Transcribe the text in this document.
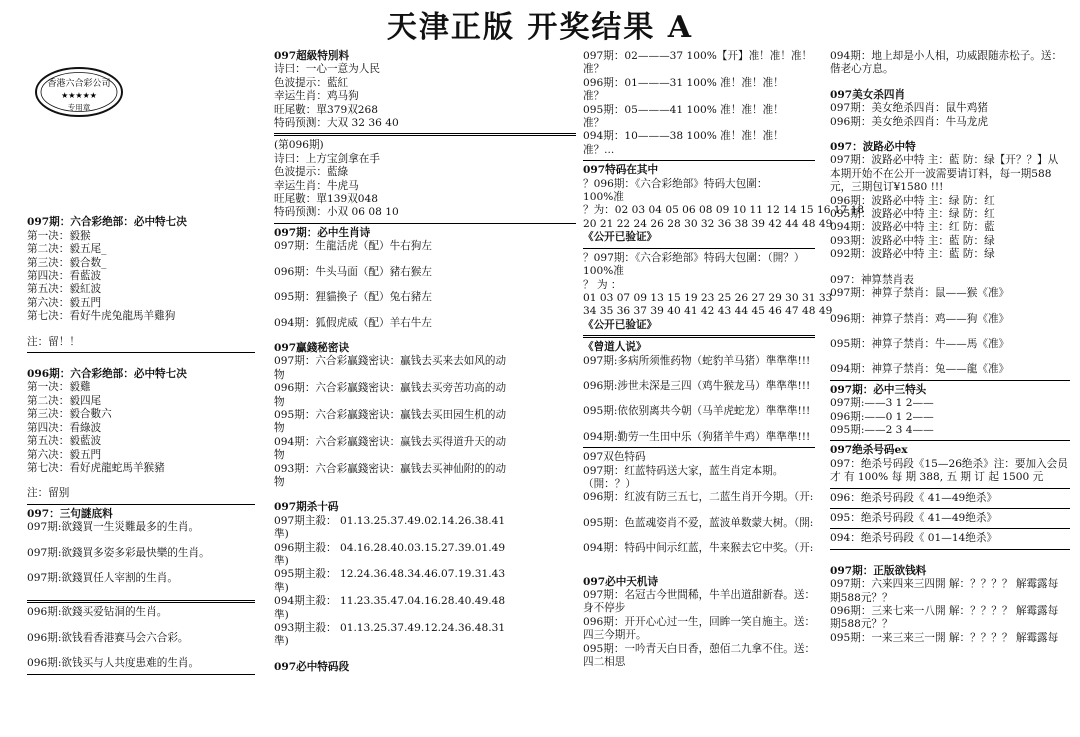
天津正版 开奖结果 A
香港六合彩公司
★★★★★
专用章
097期：六合彩绝部：必中特七决
第一决：毅猴
第二决：毅五尾_
第三决：毅合数_
第四决：看藍波
第五决：毅紅波
第六决：毅五門
第七决：看好牛虎兔龍馬羊雞狗
注：留！！
096期：六合彩绝部：必中特七决
第一决：毅雞
第二决：毅四尾
第三决：毅合數六
第四决：看綠波
第五决：毅藍波
第六决：毅五門
第七决：看好虎龍蛇馬羊猴豬
注：留别
097：三句謎底料
097期:欲錢買一生災難最多的生肖。
097期:欲錢買多姿多彩最快樂的生肖。
097期:欲錢買任人宰割的生肖。
096期:欲錢买爱钻洞的生肖。
096期:欲钱看香港赛马会六合彩。
096期:欲钱买与人共度患难的生肖。
097超級特別料
诗曰：一心一意为人民
色波提示：藍紅
幸运生肖：鸡马狗
旺尾數：單379双268
特码预测：大双 32 36 40
(第096期)
诗曰：上方宝剑拿在手
色波提示：藍綠
幸运生肖：牛虎马
旺尾數：單139双048
特码预测：小双 06 08 10
097期：必中生肖诗
097期：生龍活虎（配）牛右狗左
096期：牛头马面（配）豬右猴左
095期：狸貓換子（配）兔右豬左
094期：狐假虎威（配）羊右牛左
097贏錢秘密诀
097期：六合彩贏錢密诀：贏钱去买来去如风的动
物
096期：六合彩贏錢密诀：贏钱去买旁苦功高的动
物
095期：六合彩贏錢密诀：贏钱去买田园生机的动
物
094期：六合彩贏錢密诀：赢钱去买得道升天的动
物
093期：六合彩贏錢密诀：贏钱去买神仙附的的动
物
097期杀十码
097期主殺： 01.13.25.37.49.02.14.26.38.41
準)
096期主殺： 04.16.28.40.03.15.27.39.01.49
準)
095期主殺： 12.24.36.48.34.46.07.19.31.43
準)
094期主殺： 11.23.35.47.04.16.28.40.49.48
準)
093期主殺： 01.13.25.37.49.12.24.36.48.31
準)
097必中特码段
097期：02———37 100%【开】准！准！准！
准？
096期：01———31 100% 准！准！准！
准？
095期：05———41 100% 准！准！准！
准？
094期：10———38 100% 准！准！准！
准？...
097特码在其中
？096期：《六合彩绝部》特码大包圍：
100%准
？为：02 03 04 05 06 08 09 10 11 12 14 15 16 17 18
20 21 22 24 26 28 30 32 36 38 39 42 44 48 49
《公开已验证》
？097期：《六合彩绝部》特码大包圍：（開？）
100%准
？ 为 ：
01 03 07 09 13 15 19 23 25 26 27 29 30 31 33
34 35 36 37 39 40 41 42 43 44 45 46 47 48 49
《公开已验证》
《曾道人说》
097期:多病所须惟药物（蛇豹羊马猪）準準準!!!
096期:涉世未深是三四（鸡牛猴龙马）準準準!!!
095期:依依别离共今朝（马羊虎蛇龙）準準準!!!
094期:勤劳一生田中乐（狗猪羊牛鸡）準準準!!!
097双色特码
097期：红蓝特码送大家，蓝生肖定本期。
（開：？）
096期：红波有防三五七，二蓝生肖开今期。（开:
095期：色蓝魂姿肖不爱，蓝波单数蒙大树。（開:
094期：特码中间示红蓝，牛来猴去它中奖。（开:
097必中天机诗
097期：名冠古今世間稀，牛羊出道甜新春。送：
身不停步
096期：开开心心过一生，回眸一笑自施主。送：
四三今期开。
095期：一吟青天白日香，憩佰二九拿不住。送：
四二相思
094期：地上却是小人相，功威跟随赤松子。送：
偕老心方息。
097美女杀四肖
097期：美女绝杀四肖：鼠牛鸡猪
096期：美女绝杀四肖：牛马龙虎
097：波路必中特
097期：波路必中特 主：藍 防：绿【开？？】从
本期开始不在公开一波需要请订料，每一期588
元，三期包订¥1580 !!!
096期：波路必中特 主：绿 防：红
095期：波路必中特 主：绿 防：红
094期：波路必中特 主：红 防：藍
093期：波路必中特 主：藍 防：绿
092期：波路必中特 主：藍 防：绿
097：神算禁肖表
097期：神算子禁肖：鼠——猴《准》
096期：神算子禁肖：鸡——狗《准》
095期：神算子禁肖：牛——馬《准》
094期：神算子禁肖：兔——龍《准》
097期：必中三特头
097期:——3 1 2——
096期:——0 1 2——
095期:——2 3 4——
097绝杀号码ex
097：绝杀号码段《15—26绝杀》注：要加入会员
才 有 100% 每 期 388, 五 期 订 起 1500 元
096：绝杀号码段《 41—49绝杀》
095：绝杀号码段《 41—49绝杀》
094：绝杀号码段《 01—14绝杀》
097期：正版欲钱料
097期：六来四来三四開 解：？？？？ 解霉露每
期588元？？
096期：三来七来一八開 解：？？？？ 解霉露每
期588元？？
095期：一来三来三一開 解：？？？？ 解霉露每
